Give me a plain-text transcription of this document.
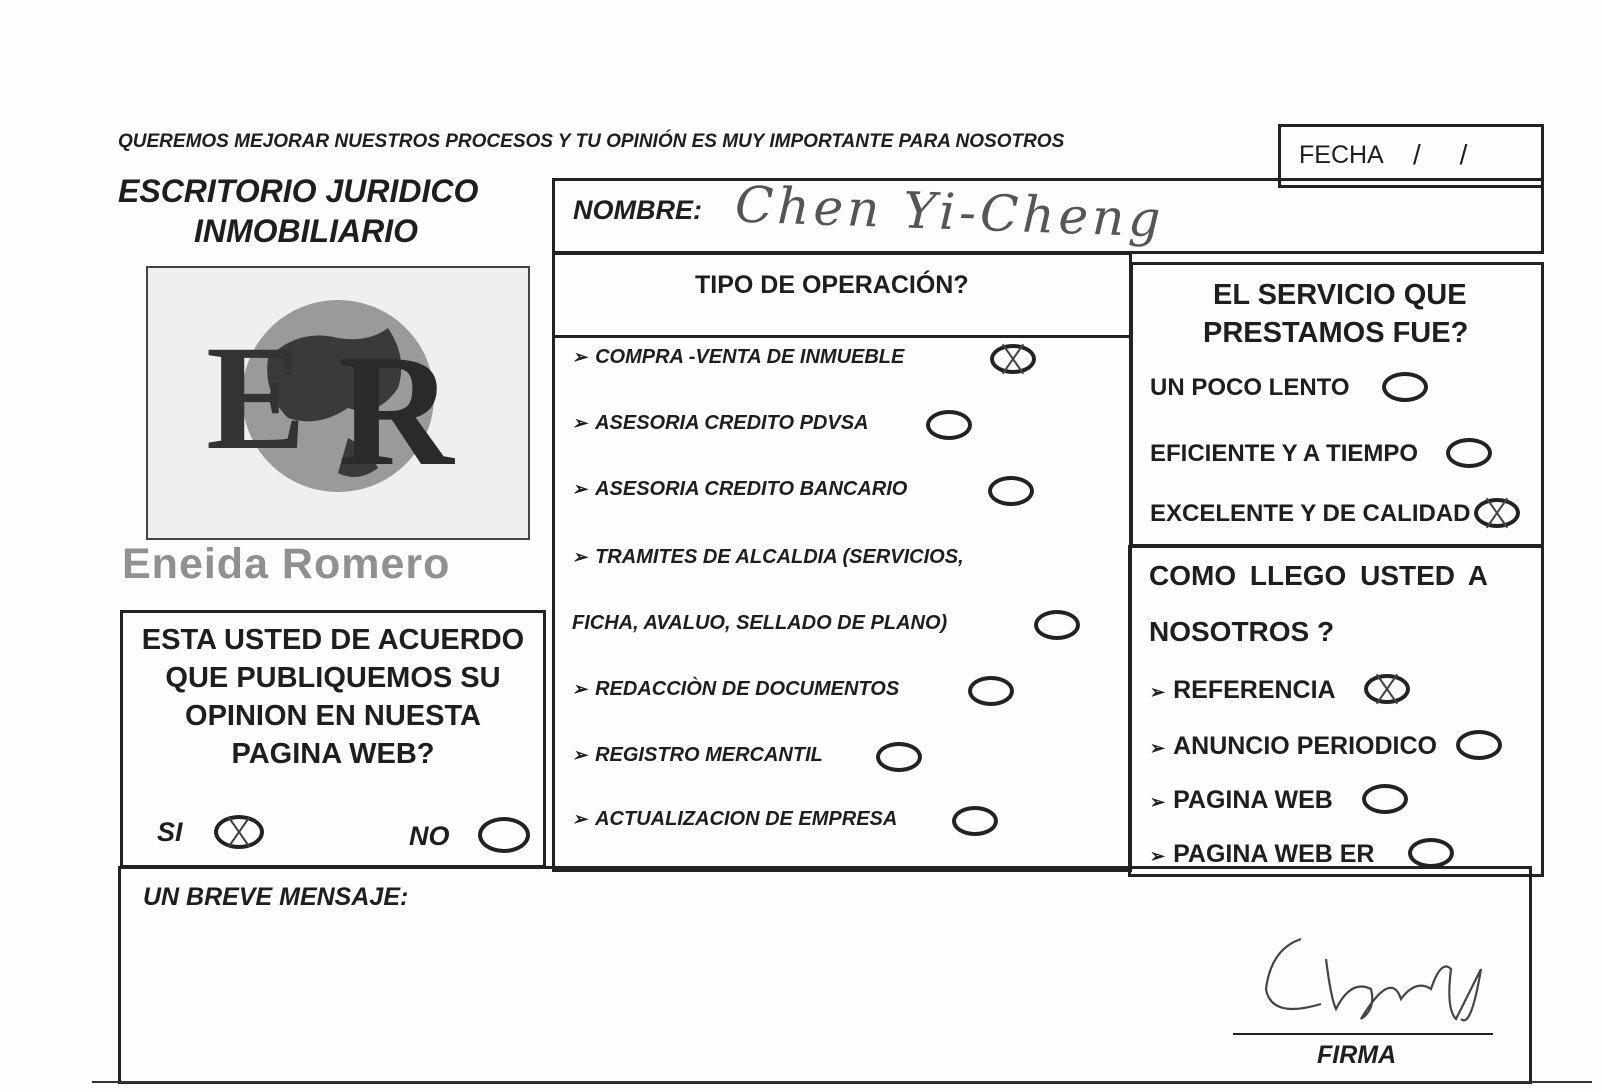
QUEREMOS MEJORAR NUESTROS PROCESOS Y TU OPINIÓN ES MUY IMPORTANTE PARA NOSOTROS	FECHA /     /
ESCRITORIO JURIDICO
INMOBILIARIO
E R
Eneida Romero
NOMBRE: Chen Yi-Cheng
TIPO DE OPERACIÓN?
➢ COMPRA -VENTA DE INMUEBLE
➢ ASESORIA CREDITO PDVSA
➢ ASESORIA CREDITO BANCARIO
➢ TRAMITES DE ALCALDIA (SERVICIOS,
FICHA, AVALUO, SELLADO DE PLANO)
➢ REDACCIÒN DE DOCUMENTOS
➢ REGISTRO MERCANTIL
➢ ACTUALIZACION DE EMPRESA
EL SERVICIO QUE
PRESTAMOS FUE?
UN POCO LENTO
EFICIENTE Y A TIEMPO
EXCELENTE Y DE CALIDAD
COMO LLEGO USTED A
NOSOTROS ?
➢ REFERENCIA
➢ ANUNCIO PERIODICO
➢ PAGINA WEB
➢ PAGINA WEB ER
ESTA USTED DE ACUERDO
QUE PUBLIQUEMOS SU
OPINION EN NUESTA
PAGINA WEB?
SI	NO
UN BREVE MENSAJE:
FIRMA
